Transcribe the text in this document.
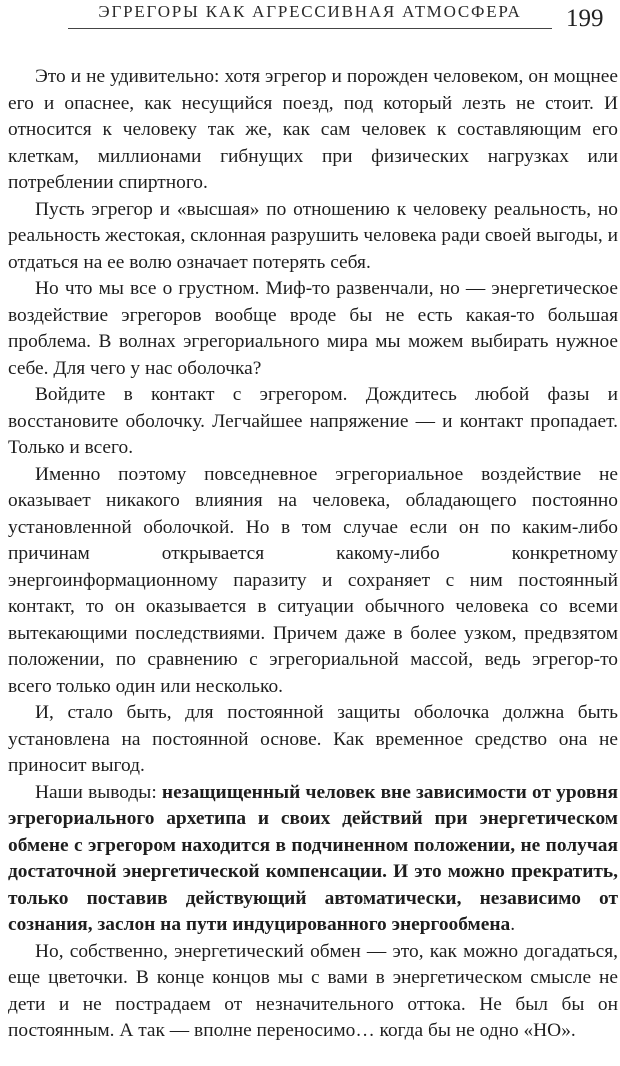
ЭГРЕГОРЫ КАК АГРЕССИВНАЯ АТМОСФЕРА	199

Это и не удивительно: хотя эгрегор и порожден человеком, он мощнее его и опаснее, как несущийся поезд, под который лезть не стоит. И относится к человеку так же, как сам человек к составляющим его клеткам, миллионами гибнущих при физических нагрузках или потреблении спиртного.

Пусть эгрегор и «высшая» по отношению к человеку реальность, но реальность жестокая, склонная разрушить человека ради своей выгоды, и отдаться на ее волю означает потерять себя.

Но что мы все о грустном. Миф-то развенчали, но — энергетическое воздействие эгрегоров вообще вроде бы не есть какая-то большая проблема. В волнах эгрегориального мира мы можем выбирать нужное себе. Для чего у нас оболочка?

Войдите в контакт с эгрегором. Дождитесь любой фазы и восстановите оболочку. Легчайшее напряжение — и контакт пропадает. Только и всего.

Именно поэтому повседневное эгрегориальное воздействие не оказывает никакого влияния на человека, обладающего постоянно установленной оболочкой. Но в том случае если он по каким-либо причинам открывается какому-либо конкретному энергоинформационному паразиту и сохраняет с ним постоянный контакт, то он оказывается в ситуации обычного человека со всеми вытекающими последствиями. Причем даже в более узком, предвзятом положении, по сравнению с эгрегориальной массой, ведь эгрегор-то всего только один или несколько.

И, стало быть, для постоянной защиты оболочка должна быть установлена на постоянной основе. Как временное средство она не приносит выгод.

Наши выводы: незащищенный человек вне зависимости от уровня эгрегориального архетипа и своих действий при энергетическом обмене с эгрегором находится в подчиненном положении, не получая достаточной энергетической компенсации. И это можно прекратить, только поставив действующий автоматически, независимо от сознания, заслон на пути индуцированного энергообмена.

Но, собственно, энергетический обмен — это, как можно догадаться, еще цветочки. В конце концов мы с вами в энергетическом смысле не дети и не пострадаем от незначительного оттока. Не был бы он постоянным. А так — вполне переносимо… когда бы не одно «НО».
